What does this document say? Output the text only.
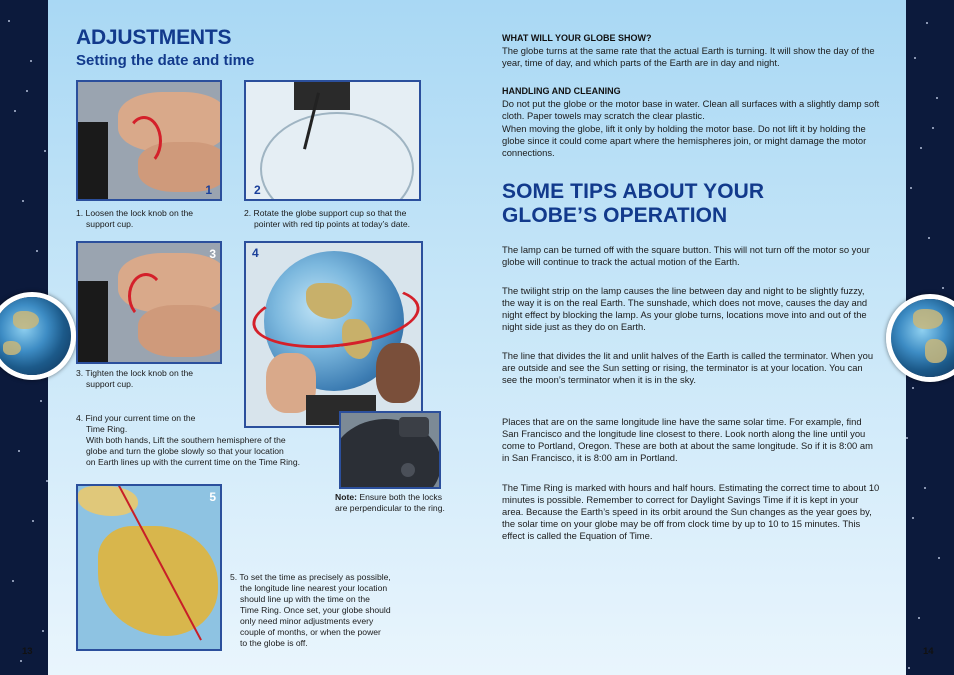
ADJUSTMENTS
Setting the date and time
1	2
1. Loosen the lock knob on the
support cup.
2. Rotate the globe support cup so that the
pointer with red tip points at today’s date.
3	4
3. Tighten the lock knob on the
support cup.
4. Find your current time on the
Time Ring.
With both hands, Lift the southern hemisphere of the
globe and turn the globe slowly so that your location
on Earth lines up with the current time on the Time Ring.
Note: Ensure both the locks
are perpendicular to the ring.
5
5. To set the time as precisely as possible,
the longitude line nearest your location
should line up with the time on the
Time Ring. Once set, your globe should
only need minor adjustments every
couple of months, or when the power
to the globe is off.
13
WHAT WILL YOUR GLOBE SHOW?

The globe turns at the same rate that the actual Earth is turning. It will show the day of the year, time of day, and which parts of the Earth are in day and night.

HANDLING AND CLEANING

Do not put the globe or the motor base in water. Clean all surfaces with a slightly damp soft cloth. Paper towels may scratch the clear plastic.

When moving the globe, lift it only by holding the motor base. Do not lift it by holding the globe since it could come apart where the hemispheres join, or might damage the motor connections.

SOME TIPS ABOUT YOUR GLOBE’S OPERATION

The lamp can be turned off with the square button. This will not turn off the motor so your globe will continue to track the actual motion of the Earth.

The twilight strip on the lamp causes the line between day and night to be slightly fuzzy, the way it is on the real Earth. The sunshade, which does not move, causes the day and night effect by blocking the lamp. As your globe turns, locations move into and out of the night side just as they do on Earth.

The line that divides the lit and unlit halves of the Earth is called the terminator. When you are outside and see the Sun setting or rising, the terminator is at your location. You can see the moon’s terminator when it is in the sky.

Places that are on the same longitude line have the same solar time. For example, find San Francisco and the longitude line closest to there. Look north along the line until you come to Portland, Oregon. These are both at about the same longitude. So if it is 8:00 am in San Francisco, it is 8:00 am in Portland.

The Time Ring is marked with hours and half hours. Estimating the correct time to about 10 minutes is possible. Remember to correct for Daylight Savings Time if it is kept in your area. Because the Earth’s speed in its orbit around the Sun changes as the year goes by, the solar time on your globe may be off from clock time by up to 10 to 15 minutes. This effect is called the Equation of Time.

14
